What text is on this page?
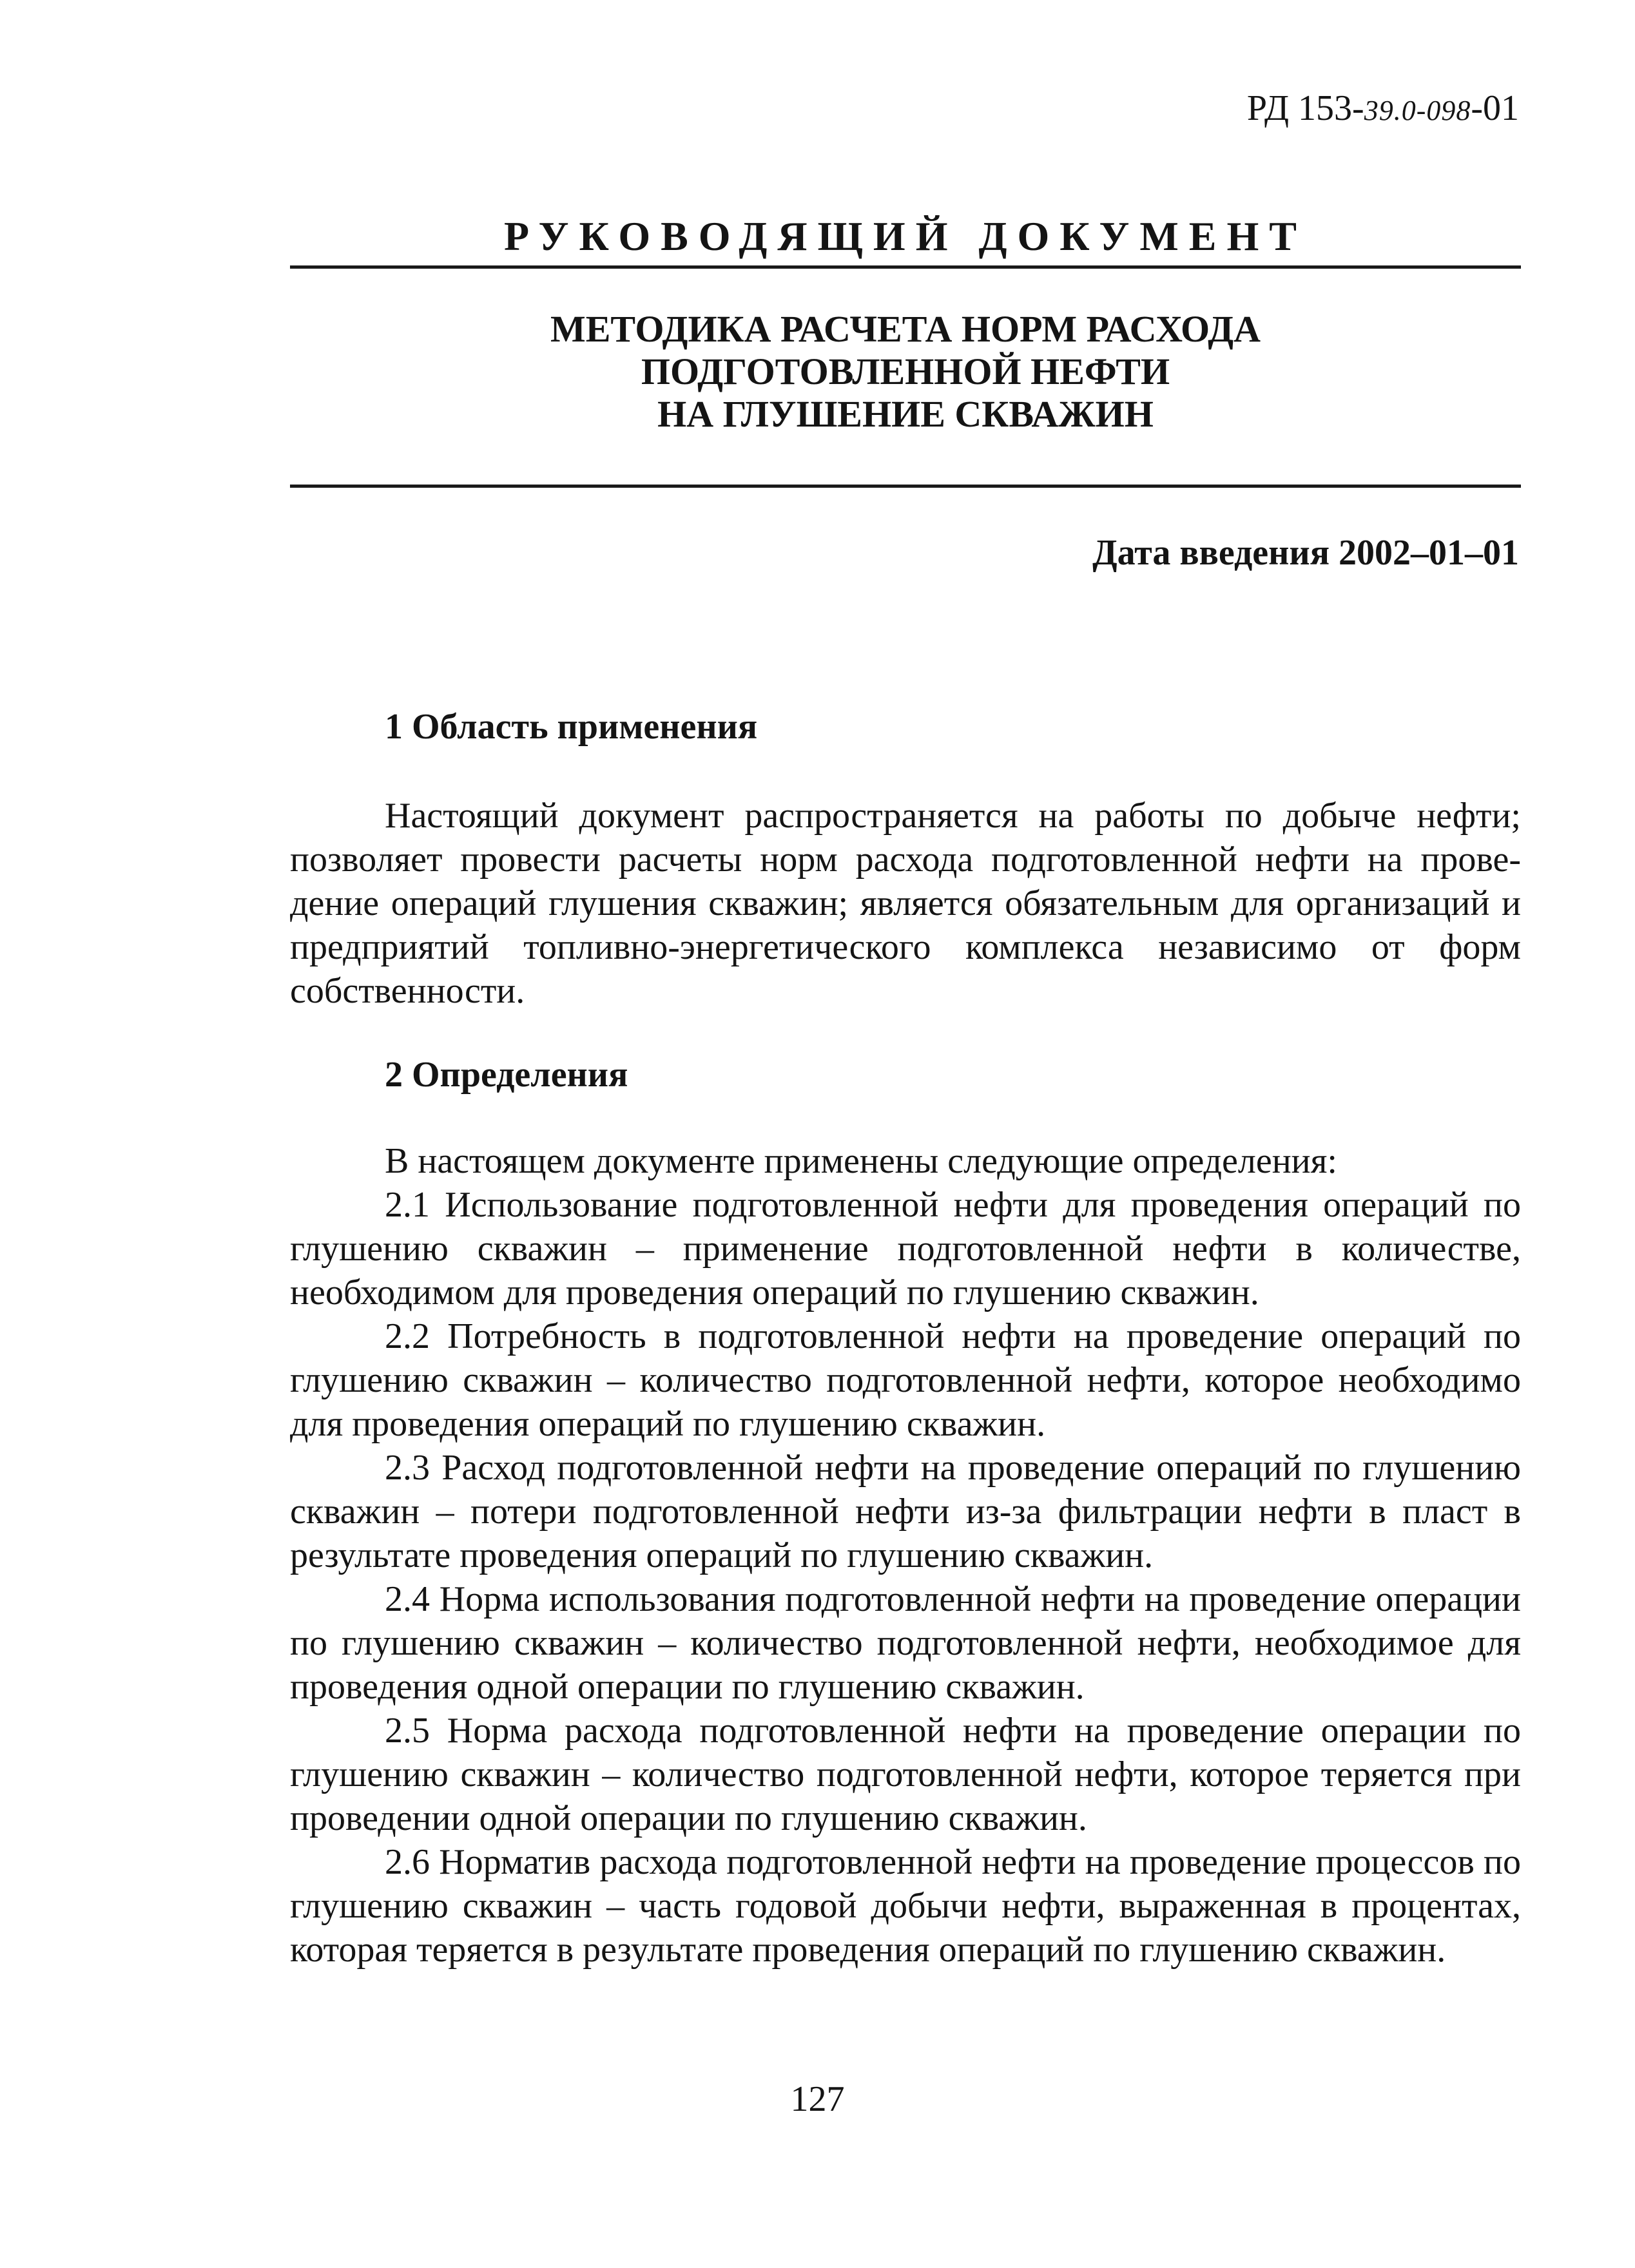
РД 153-39.0-098-01
РУКОВОДЯЩИЙ ДОКУМЕНТ
МЕТОДИКА РАСЧЕТА НОРМ РАСХОДА
ПОДГОТОВЛЕННОЙ НЕФТИ
НА ГЛУШЕНИЕ СКВАЖИН
Дата введения 2002–01–01
1 Область применения

Настоящий документ распространяется на работы по добыче нефти; позволяет провести расчеты норм расхода подготовленной нефти на проведение операций глушения скважин; является обязательным для организаций и предприятий топливно-энергетического комплекса независимо от форм собственности.

2 Определения

В настоящем документе применены следующие определения:

2.1 Использование подготовленной нефти для проведения операций по глушению скважин – применение подготовленной нефти в количестве, необходимом для проведения операций по глушению скважин.

2.2 Потребность в подготовленной нефти на проведение операций по глушению скважин – количество подготовленной нефти, которое необходимо для проведения операций по глушению скважин.

2.3 Расход подготовленной нефти на проведение операций по глушению скважин – потери подготовленной нефти из-за фильтрации нефти в пласт в результате проведения операций по глушению скважин.

2.4 Норма использования подготовленной нефти на проведение операции по глушению скважин – количество подготовленной нефти, необходимое для проведения одной операции по глушению скважин.

2.5 Норма расхода подготовленной нефти на проведение операции по глушению скважин – количество подготовленной нефти, которое теряется при проведении одной операции по глушению скважин.

2.6 Норматив расхода подготовленной нефти на проведение процессов по глушению скважин – часть годовой добычи нефти, выраженная в процентах, которая теряется в результате проведения операций по глушению скважин.

127
